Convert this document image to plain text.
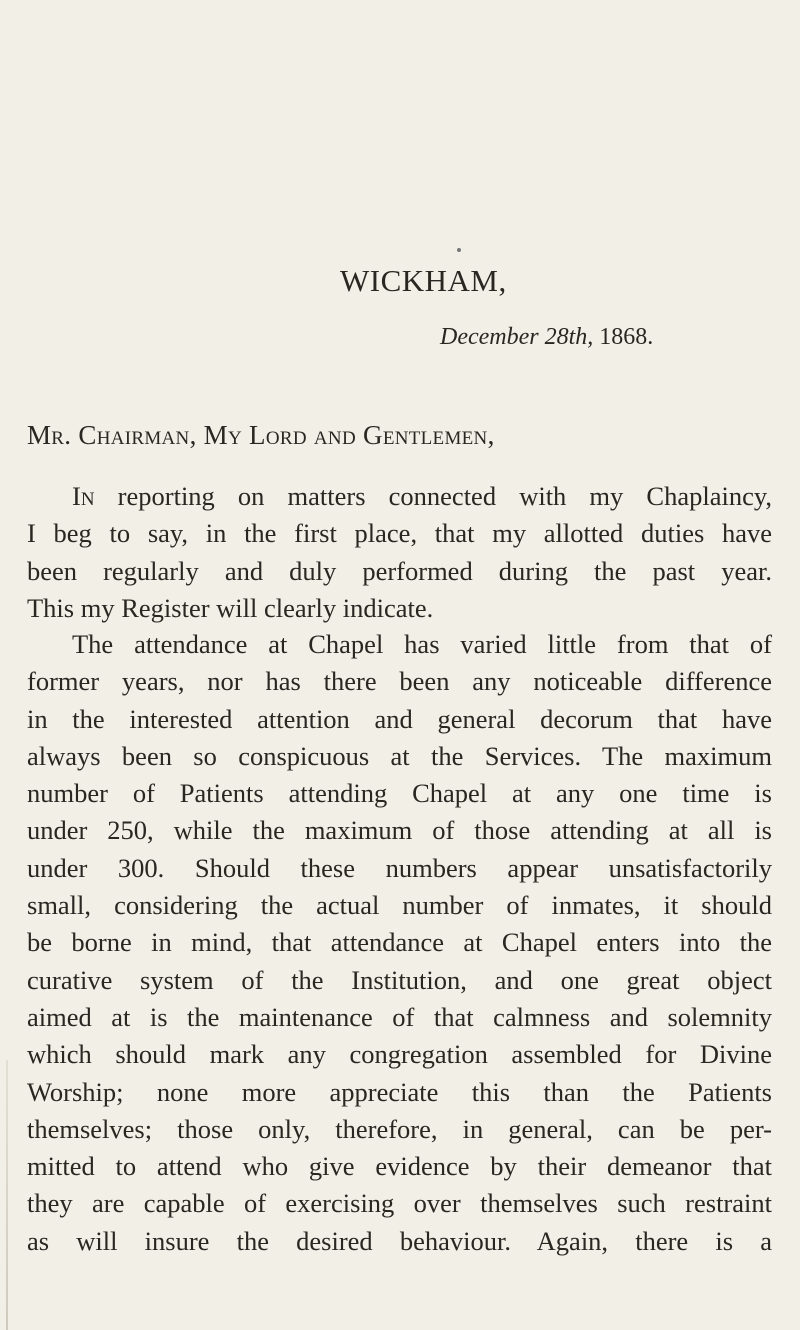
WICKHAM,
December 28th, 1868.
Mr. Chairman, My Lord and Gentlemen,
In reporting on matters connected with my Chaplaincy,
I beg to say, in the first place, that my allotted duties have
been regularly and duly performed during the past year.
This my Register will clearly indicate.
The attendance at Chapel has varied little from that of
former years, nor has there been any noticeable difference
in the interested attention and general decorum that have
always been so conspicuous at the Services. The maximum
number of Patients attending Chapel at any one time is
under 250, while the maximum of those attending at all is
under 300. Should these numbers appear unsatisfactorily
small, considering the actual number of inmates, it should
be borne in mind, that attendance at Chapel enters into the
curative system of the Institution, and one great object
aimed at is the maintenance of that calmness and solemnity
which should mark any congregation assembled for Divine
Worship; none more appreciate this than the Patients
themselves; those only, therefore, in general, can be per-
mitted to attend who give evidence by their demeanor that
they are capable of exercising over themselves such restraint
as will insure the desired behaviour. Again, there is a
